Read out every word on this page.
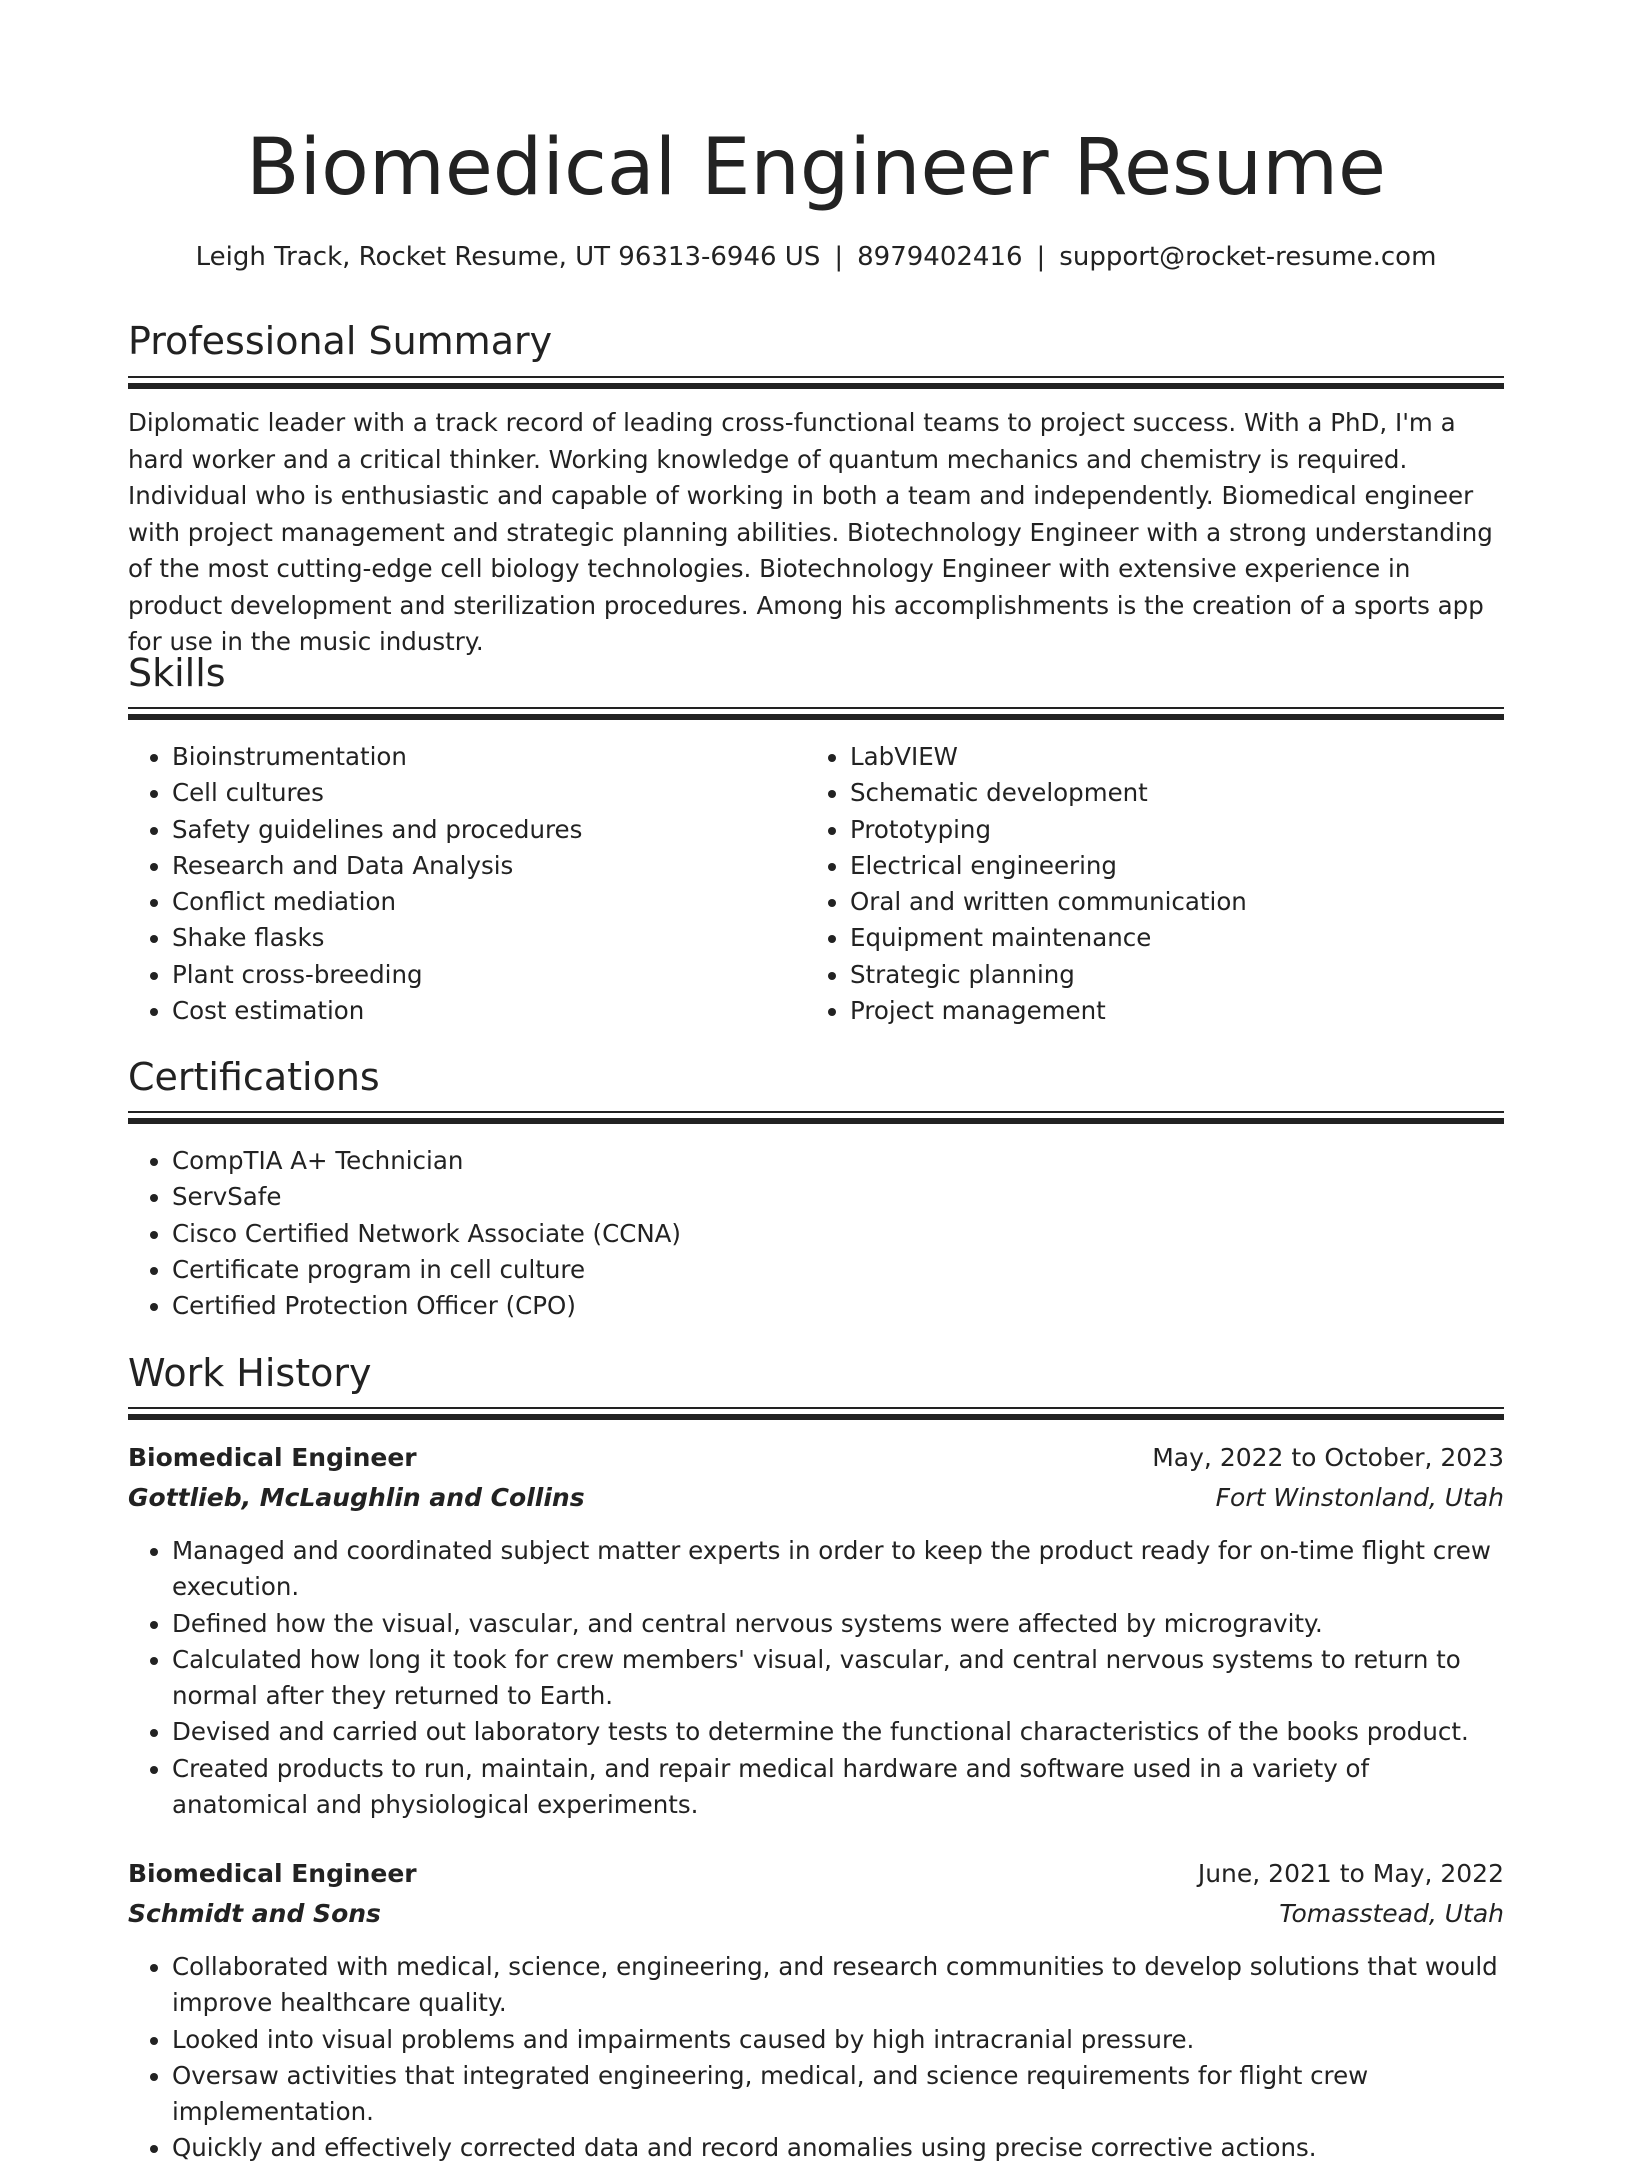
Biomedical Engineer Resume
Leigh Track, Rocket Resume, UT 96313-6946 US | 8979402416 | support@rocket-resume.com
Professional Summary

Diplomatic leader with a track record of leading cross-functional teams to project success. With a PhD, I'm a hard worker and a critical thinker. Working knowledge of quantum mechanics and chemistry is required. Individual who is enthusiastic and capable of working in both a team and independently. Biomedical engineer with project management and strategic planning abilities. Biotechnology Engineer with a strong understanding of the most cutting-edge cell biology technologies. Biotechnology Engineer with extensive experience in product development and sterilization procedures. Among his accomplishments is the creation of a sports app for use in the music industry.

Skills
• Bioinstrumentation
• Cell cultures
• Safety guidelines and procedures
• Research and Data Analysis
• Conflict mediation
• Shake flasks
• Plant cross-breeding
• Cost estimation
• LabVIEW
• Schematic development
• Prototyping
• Electrical engineering
• Oral and written communication
• Equipment maintenance
• Strategic planning
• Project management
Certifications
• CompTIA A+ Technician
• ServSafe
• Cisco Certified Network Associate (CCNA)
• Certificate program in cell culture
• Certified Protection Officer (CPO)
Work History
Biomedical Engineer	May, 2022 to October, 2023
Gottlieb, McLaughlin and Collins	Fort Winstonland, Utah
• Managed and coordinated subject matter experts in order to keep the product ready for on-time flight crew execution.
• Defined how the visual, vascular, and central nervous systems were affected by microgravity.
• Calculated how long it took for crew members' visual, vascular, and central nervous systems to return to normal after they returned to Earth.
• Devised and carried out laboratory tests to determine the functional characteristics of the books product.
• Created products to run, maintain, and repair medical hardware and software used in a variety of anatomical and physiological experiments.
Biomedical Engineer	June, 2021 to May, 2022
Schmidt and Sons	Tomasstead, Utah
• Collaborated with medical, science, engineering, and research communities to develop solutions that would improve healthcare quality.
• Looked into visual problems and impairments caused by high intracranial pressure.
• Oversaw activities that integrated engineering, medical, and science requirements for flight crew implementation.
• Quickly and effectively corrected data and record anomalies using precise corrective actions.
